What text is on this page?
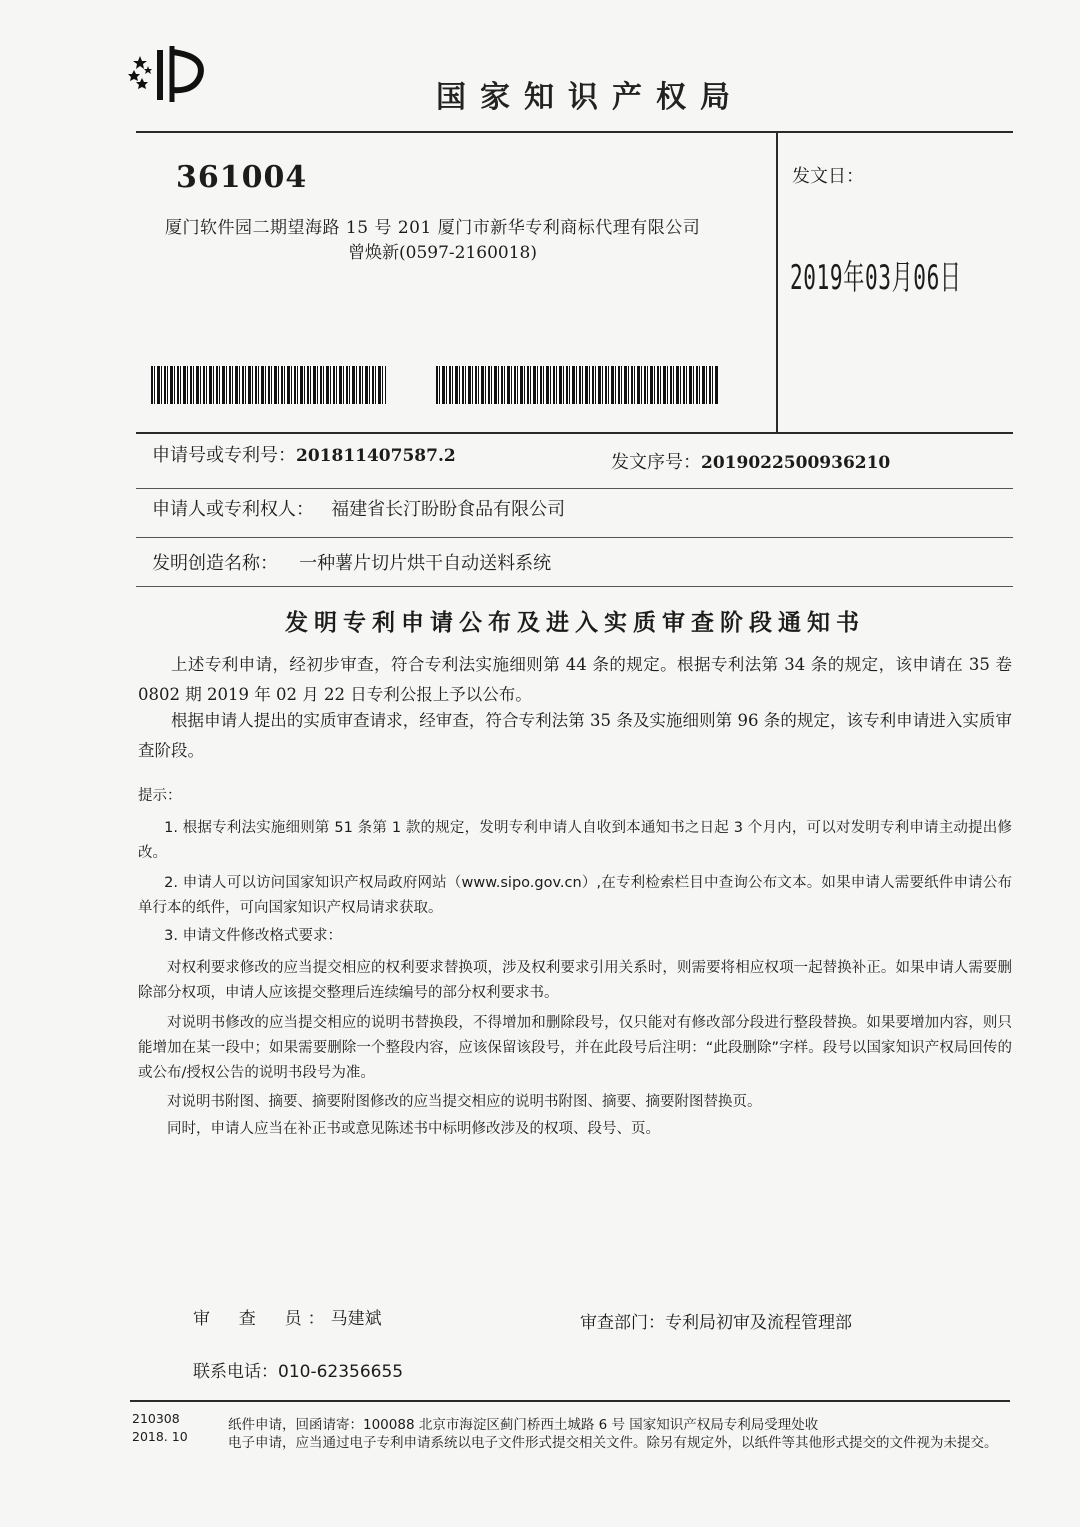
国家知识产权局
361004
厦门软件园二期望海路 15 号 201 厦门市新华专利商标代理有限公司
曾焕新(0597-2160018)
发文日：
2019年03月06日
申请号或专利号：201811407587.2	发文序号：2019022500936210
申请人或专利权人： 福建省长汀盼盼食品有限公司
发明创造名称： 一种薯片切片烘干自动送料系统
发明专利申请公布及进入实质审查阶段通知书
上述专利申请，经初步审查，符合专利法实施细则第 44 条的规定。根据专利法第 34 条的规定，该申请在 35 卷 0802 期 2019 年 02 月 22 日专利公报上予以公布。
根据申请人提出的实质审查请求，经审查，符合专利法第 35 条及实施细则第 96 条的规定，该专利申请进入实质审查阶段。
提示：
1. 根据专利法实施细则第 51 条第 1 款的规定，发明专利申请人自收到本通知书之日起 3 个月内，可以对发明专利申请主动提出修改。
2. 申请人可以访问国家知识产权局政府网站（www.sipo.gov.cn）,在专利检索栏目中查询公布文本。如果申请人需要纸件申请公布单行本的纸件，可向国家知识产权局请求获取。
3. 申请文件修改格式要求：
对权利要求修改的应当提交相应的权利要求替换项，涉及权利要求引用关系时，则需要将相应权项一起替换补正。如果申请人需要删除部分权项，申请人应该提交整理后连续编号的部分权利要求书。
对说明书修改的应当提交相应的说明书替换段，不得增加和删除段号，仅只能对有修改部分段进行整段替换。如果要增加内容，则只能增加在某一段中；如果需要删除一个整段内容，应该保留该段号，并在此段号后注明：“此段删除”字样。段号以国家知识产权局回传的或公布/授权公告的说明书段号为准。
对说明书附图、摘要、摘要附图修改的应当提交相应的说明书附图、摘要、摘要附图替换页。
同时，申请人应当在补正书或意见陈述书中标明修改涉及的权项、段号、页。
审  查  员：马建斌	审查部门：专利局初审及流程管理部
联系电话：010-62356655
210308
2018. 10
纸件申请，回函请寄：100088 北京市海淀区蓟门桥西土城路 6 号 国家知识产权局专利局受理处收
电子申请，应当通过电子专利申请系统以电子文件形式提交相关文件。除另有规定外，以纸件等其他形式提交的文件视为未提交。
